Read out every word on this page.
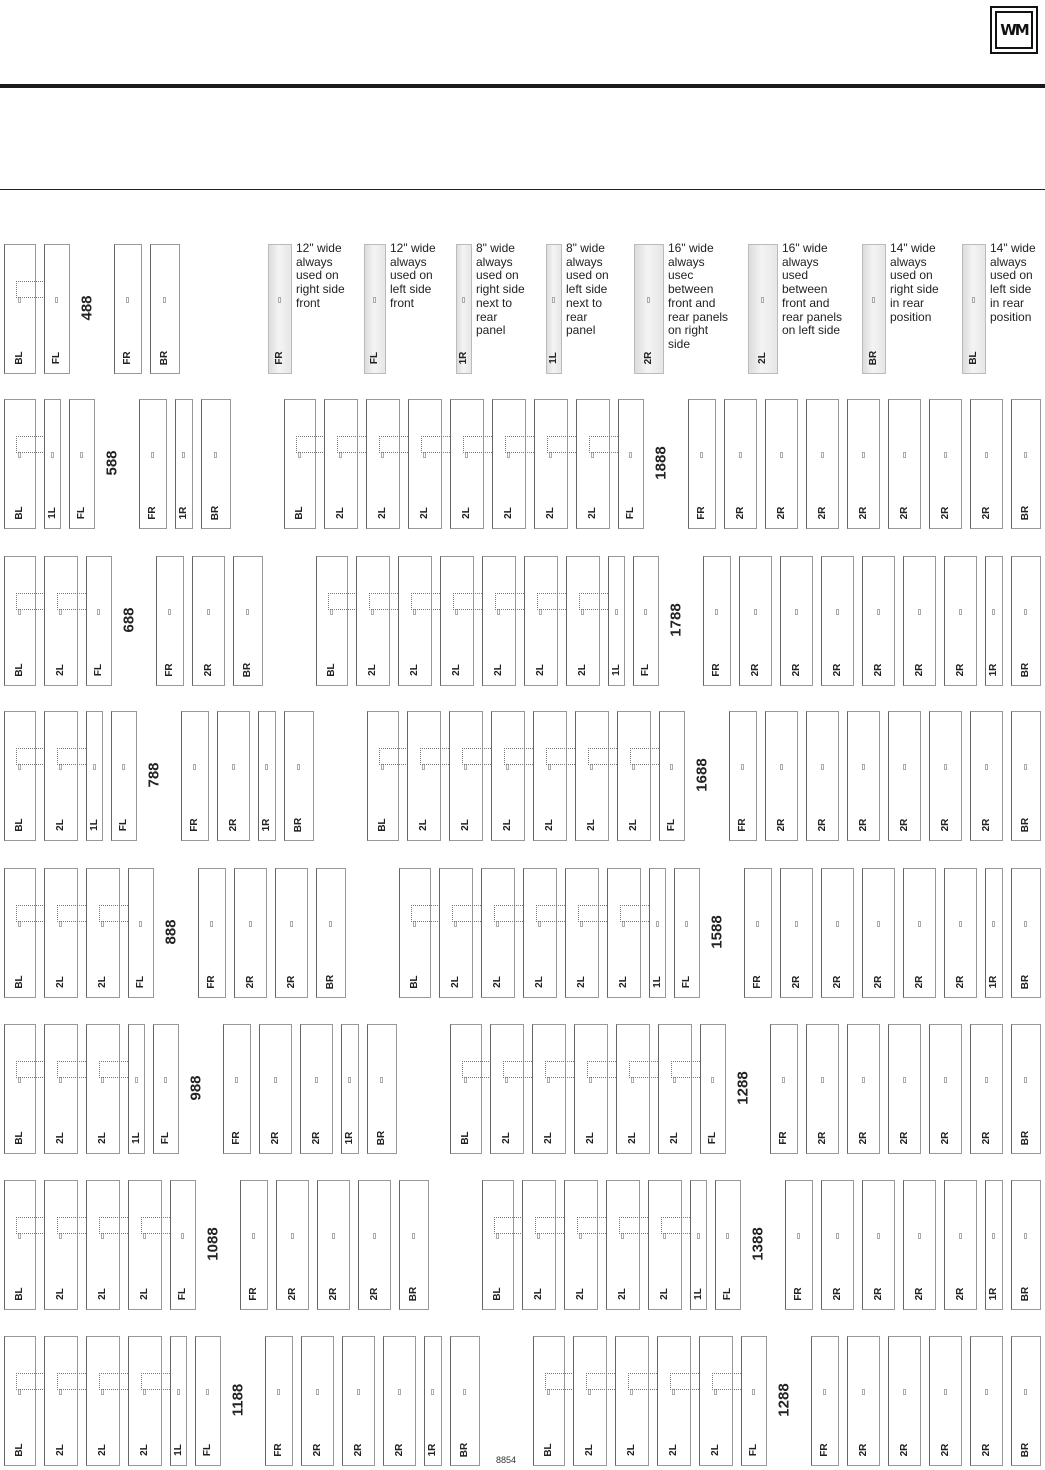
WM
FR
12" wide
always
used on
right side
front
FL
12" wide
always
used on
left side
front
1R
8" wide
always
used on
right side
next to
rear
panel
1L
8" wide
always
used on
left side
next to
rear
panel
2R
16" wide
always
usec
between
front and
rear panels
on right
side
2L
16" wide
always
used
between
front and
rear panels
on left side
BR
14" wide
always
used on
right side
in rear
position
BL
14" wide
always
used on
left side
in rear
position
BL	FL
488
FR	BR
BL 1L FL
588
FR 1R BR
BL	2L	FL
688
FR	2R	BR
BL	2L 1L FL
788
FR	2R 1R BR
BL	2L	2L	FL
888
FR	2R	2R	BR
BL	2L	2L 1L FL
988
FR	2R	2R 1R BR
BL	2L	2L	2L	FL
1088
FR	2R	2R	2R	BR
BL	2L	2L	2L 1L FL
1188
FR	2R	2R	2R 1R BR
BL	2L	2L	2L	2L	2L	2L	2L	FL
1888
FR	2R	2R	2R	2R	2R	2R	2R	BR
BL	2L	2L	2L	2L	2L	2L 1L FL
1788
FR	2R	2R	2R	2R	2R	2R 1R BR
BL	2L	2L	2L	2L	2L	2L	FL
1688
FR	2R	2R	2R	2R	2R	2R	BR
BL	2L	2L	2L	2L	2L 1L FL
1588
FR	2R	2R	2R	2R	2R 1R BR
BL	2L	2L	2L	2L	2L	FL
1288
FR	2R	2R	2R	2R	2R	BR
BL	2L	2L	2L	2L 1L FL
1388
FR	2R	2R	2R	2R 1R BR
BL	2L	2L	2L	2L	FL
1288
FR	2R	2R	2R	2R	BR
8854
